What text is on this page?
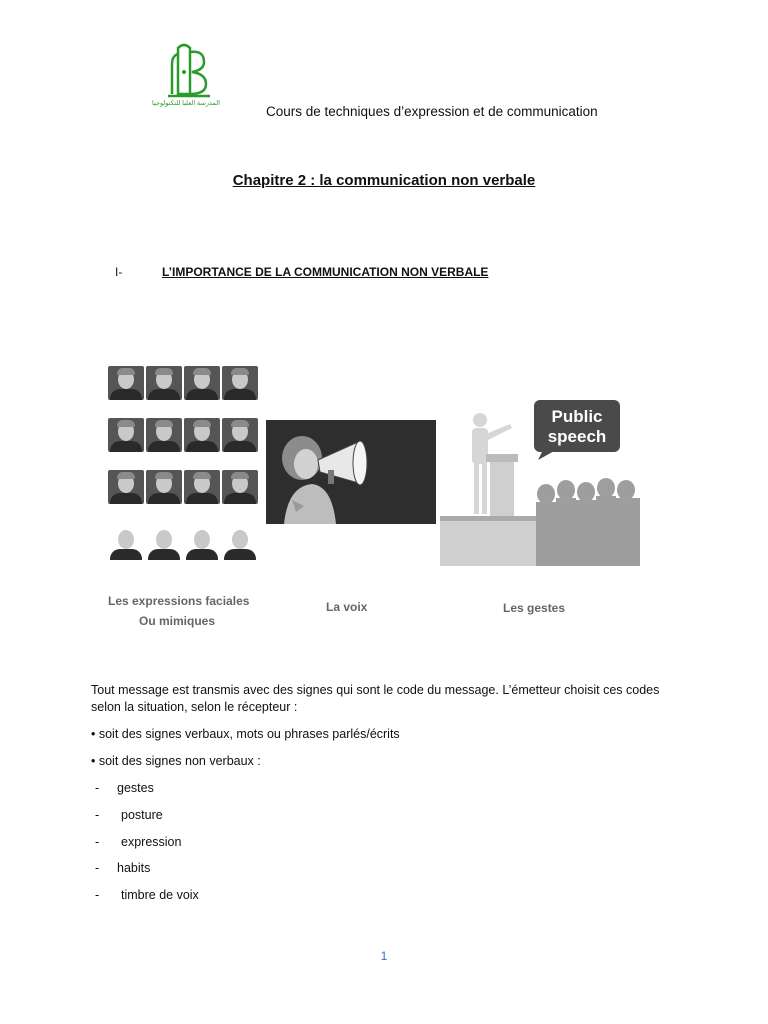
المدرسة العليا للتكنولوجيا
Cours de techniques d’expression et de communication
Chapitre 2 : la communication non verbale
I-	L’IMPORTANCE DE LA COMMUNICATION NON VERBALE
Public
speech
Les expressions faciales
Ou mimiques
La voix	Les gestes
Tout message est transmis avec des signes qui sont le code du message. L’émetteur choisit ces codes
selon la situation, selon le récepteur :
• soit des signes verbaux, mots ou phrases parlés/écrits
• soit des signes non verbaux :
- gestes
- posture
- expression
- habits
- timbre de voix
1
